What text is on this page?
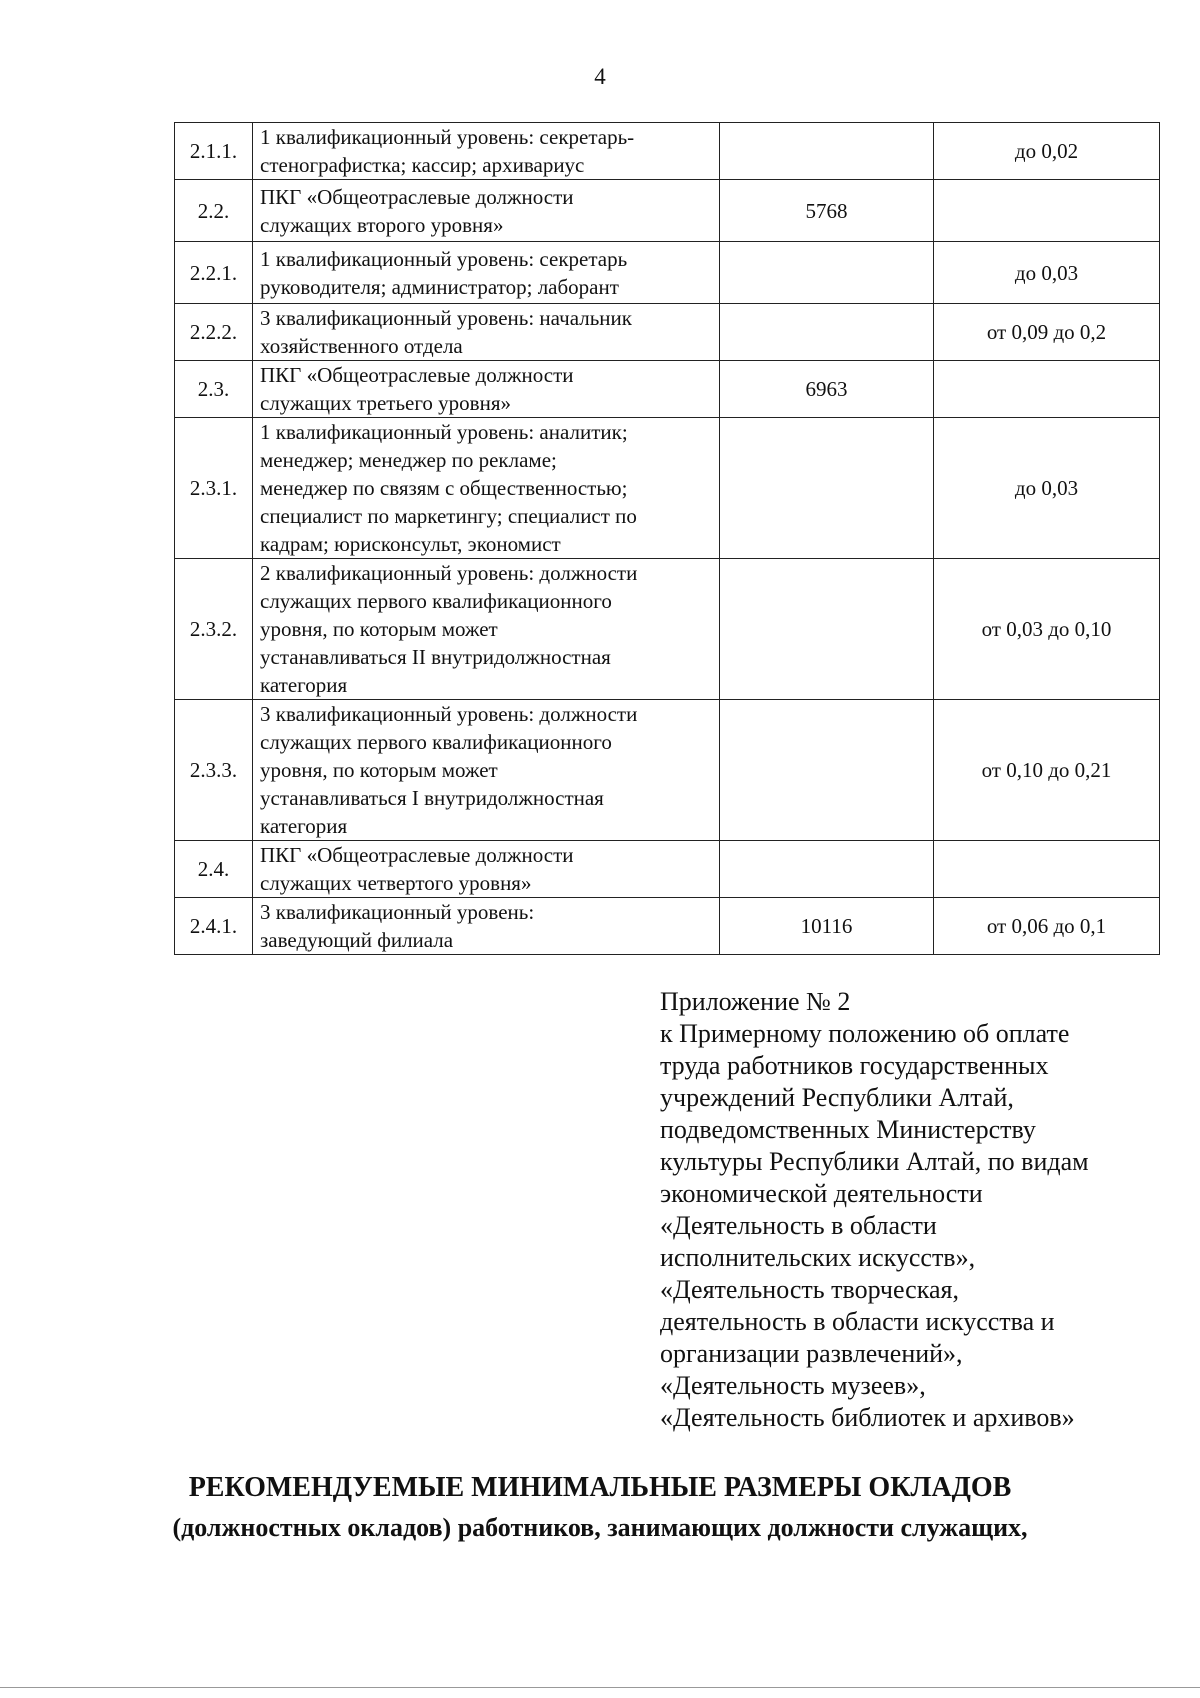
4
2.1.1.	1 квалификационный уровень: секретарь-
стенографистка; кассир; архивариус		до 0,02
2.2.	ПКГ «Общеотраслевые должности
служащих второго уровня»	5768	
2.2.1.	1 квалификационный уровень: секретарь
руководителя; администратор; лаборант		до 0,03
2.2.2.	3 квалификационный уровень: начальник
хозяйственного отдела		от 0,09 до 0,2
2.3.	ПКГ «Общеотраслевые должности
служащих третьего уровня»	6963	
2.3.1.	1 квалификационный уровень: аналитик;
менеджер; менеджер по рекламе;
менеджер по связям с общественностью;
специалист по маркетингу; специалист по
кадрам; юрисконсульт, экономист		до 0,03
2.3.2.	2 квалификационный уровень: должности
служащих первого квалификационного
уровня, по которым может
устанавливаться II внутридолжностная
категория		от 0,03 до 0,10
2.3.3.	3 квалификационный уровень: должности
служащих первого квалификационного
уровня, по которым может
устанавливаться I внутридолжностная
категория		от 0,10 до 0,21
2.4.	ПКГ «Общеотраслевые должности
служащих четвертого уровня»		

2.4.1.	3 квалификационный уровень:
заведующий филиала	10116	от 0,06 до 0,1
Приложение № 2
к Примерному положению об оплате
труда работников государственных
учреждений Республики Алтай,
подведомственных Министерству
культуры Республики Алтай, по видам
экономической деятельности
«Деятельность в области
исполнительских искусств»,
«Деятельность творческая,
деятельность в области искусства и
организации развлечений»,
«Деятельность музеев»,
«Деятельность библиотек и архивов»
РЕКОМЕНДУЕМЫЕ МИНИМАЛЬНЫЕ РАЗМЕРЫ ОКЛАДОВ
(должностных окладов) работников, занимающих должности служащих,
